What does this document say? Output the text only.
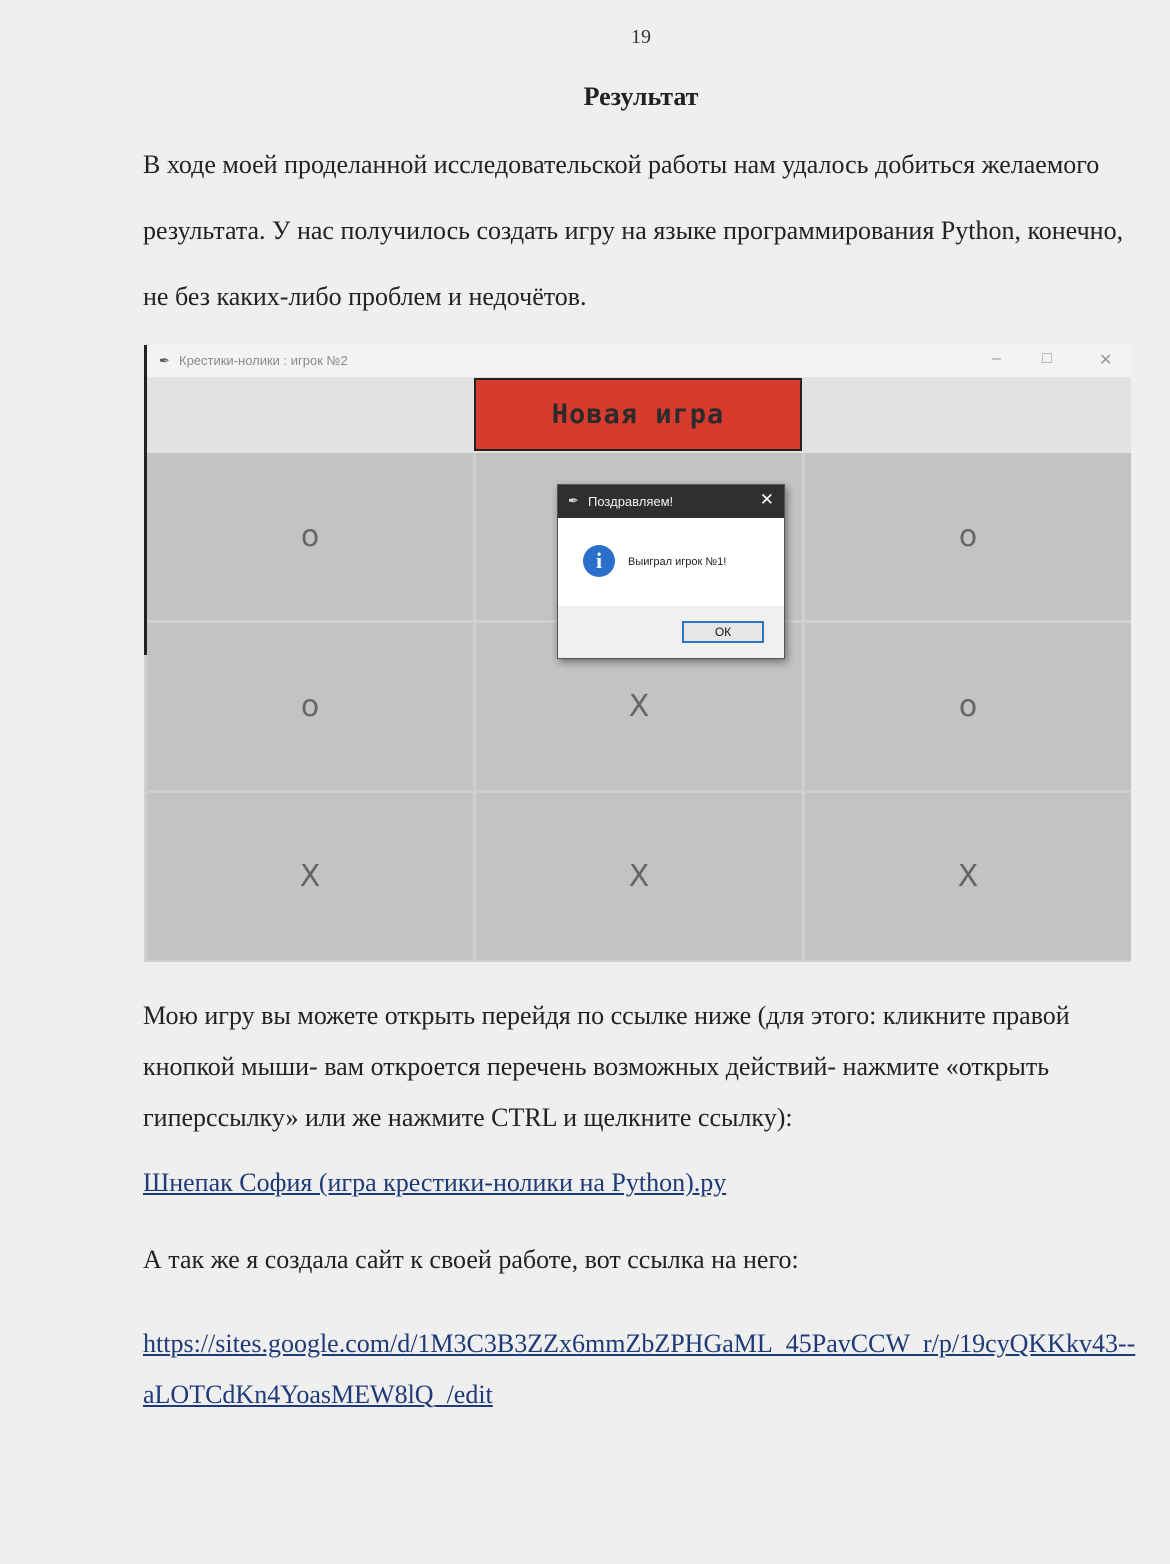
19
Результат
В ходе моей проделанной исследовательской работы нам удалось добиться желаемого результата. У нас получилось создать игру на языке программирования Python, конечно, не без каких-либо проблем и недочётов.
✒ Крестики-нолики : игрок №2	–	□	✕
Новая игра
о	о
о	X	о
X	X	X
✒ Поздравляем!	✕
i	Выиграл игрок №1!
ОК
Мою игру вы можете открыть перейдя по ссылке ниже (для этого: кликните правой кнопкой мыши- вам откроется перечень возможных действий- нажмите «открыть гиперссылку» или же нажмите CTRL и щелкните ссылку):
Шнепак София (игра крестики-нолики на Python).py
А так же я создала сайт к своей работе, вот ссылка на него:
https://sites.google.com/d/1M3C3B3ZZx6mmZbZPHGaML_45PavCCW_r/p/19cyQKKkv43--aLOTCdKn4YoasMEW8lQ_/edit
